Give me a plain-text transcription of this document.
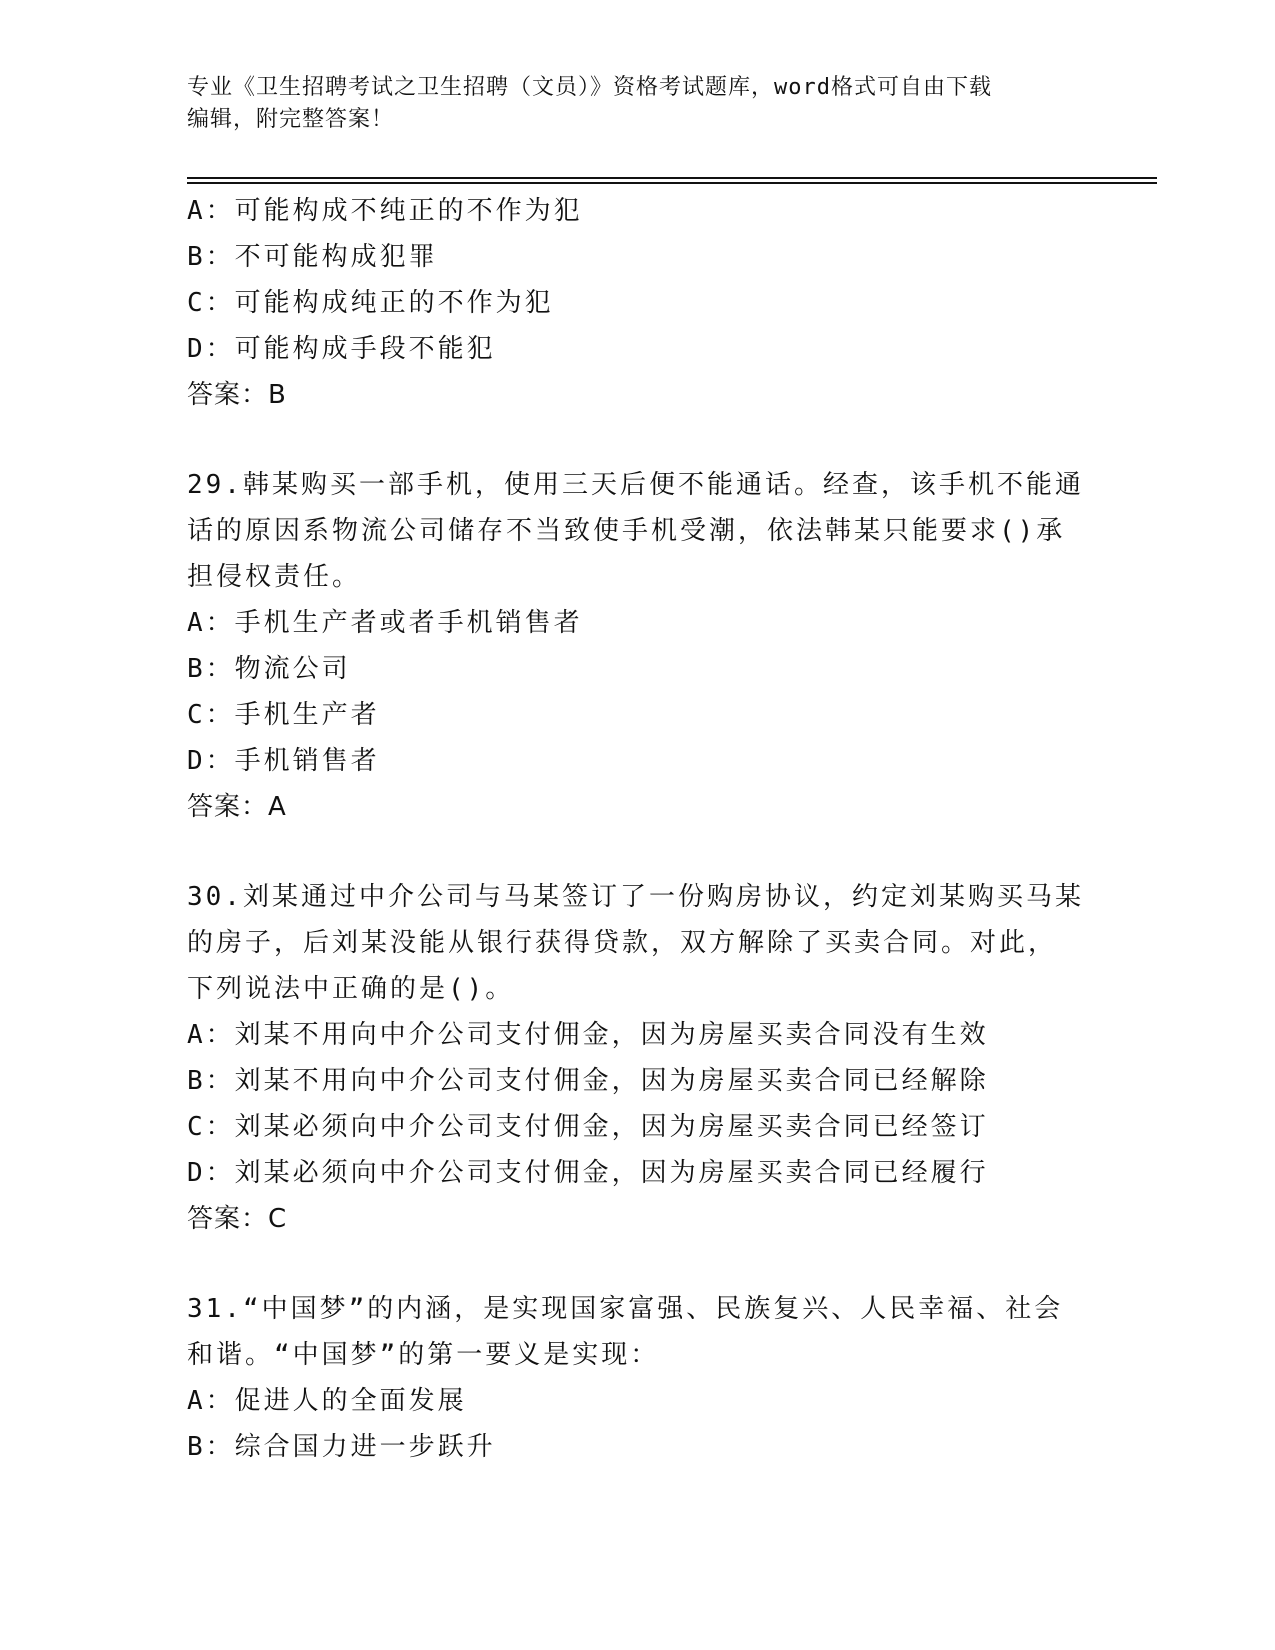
专业《卫生招聘考试之卫生招聘（文员）》资格考试题库，word格式可自由下载
编辑，附完整答案！
A：可能构成不纯正的不作为犯
B：不可能构成犯罪
C：可能构成纯正的不作为犯
D：可能构成手段不能犯
答案：B
29.韩某购买一部手机，使用三天后便不能通话。经查，该手机不能通
话的原因系物流公司储存不当致使手机受潮，依法韩某只能要求()承
担侵权责任。
A：手机生产者或者手机销售者
B：物流公司
C：手机生产者
D：手机销售者
答案：A
30.刘某通过中介公司与马某签订了一份购房协议，约定刘某购买马某
的房子，后刘某没能从银行获得贷款，双方解除了买卖合同。对此，
下列说法中正确的是()。
A：刘某不用向中介公司支付佣金，因为房屋买卖合同没有生效
B：刘某不用向中介公司支付佣金，因为房屋买卖合同已经解除
C：刘某必须向中介公司支付佣金，因为房屋买卖合同已经签订
D：刘某必须向中介公司支付佣金，因为房屋买卖合同已经履行
答案：C
31.“中国梦”的内涵，是实现国家富强、民族复兴、人民幸福、社会
和谐。“中国梦”的第一要义是实现：
A：促进人的全面发展
B：综合国力进一步跃升
